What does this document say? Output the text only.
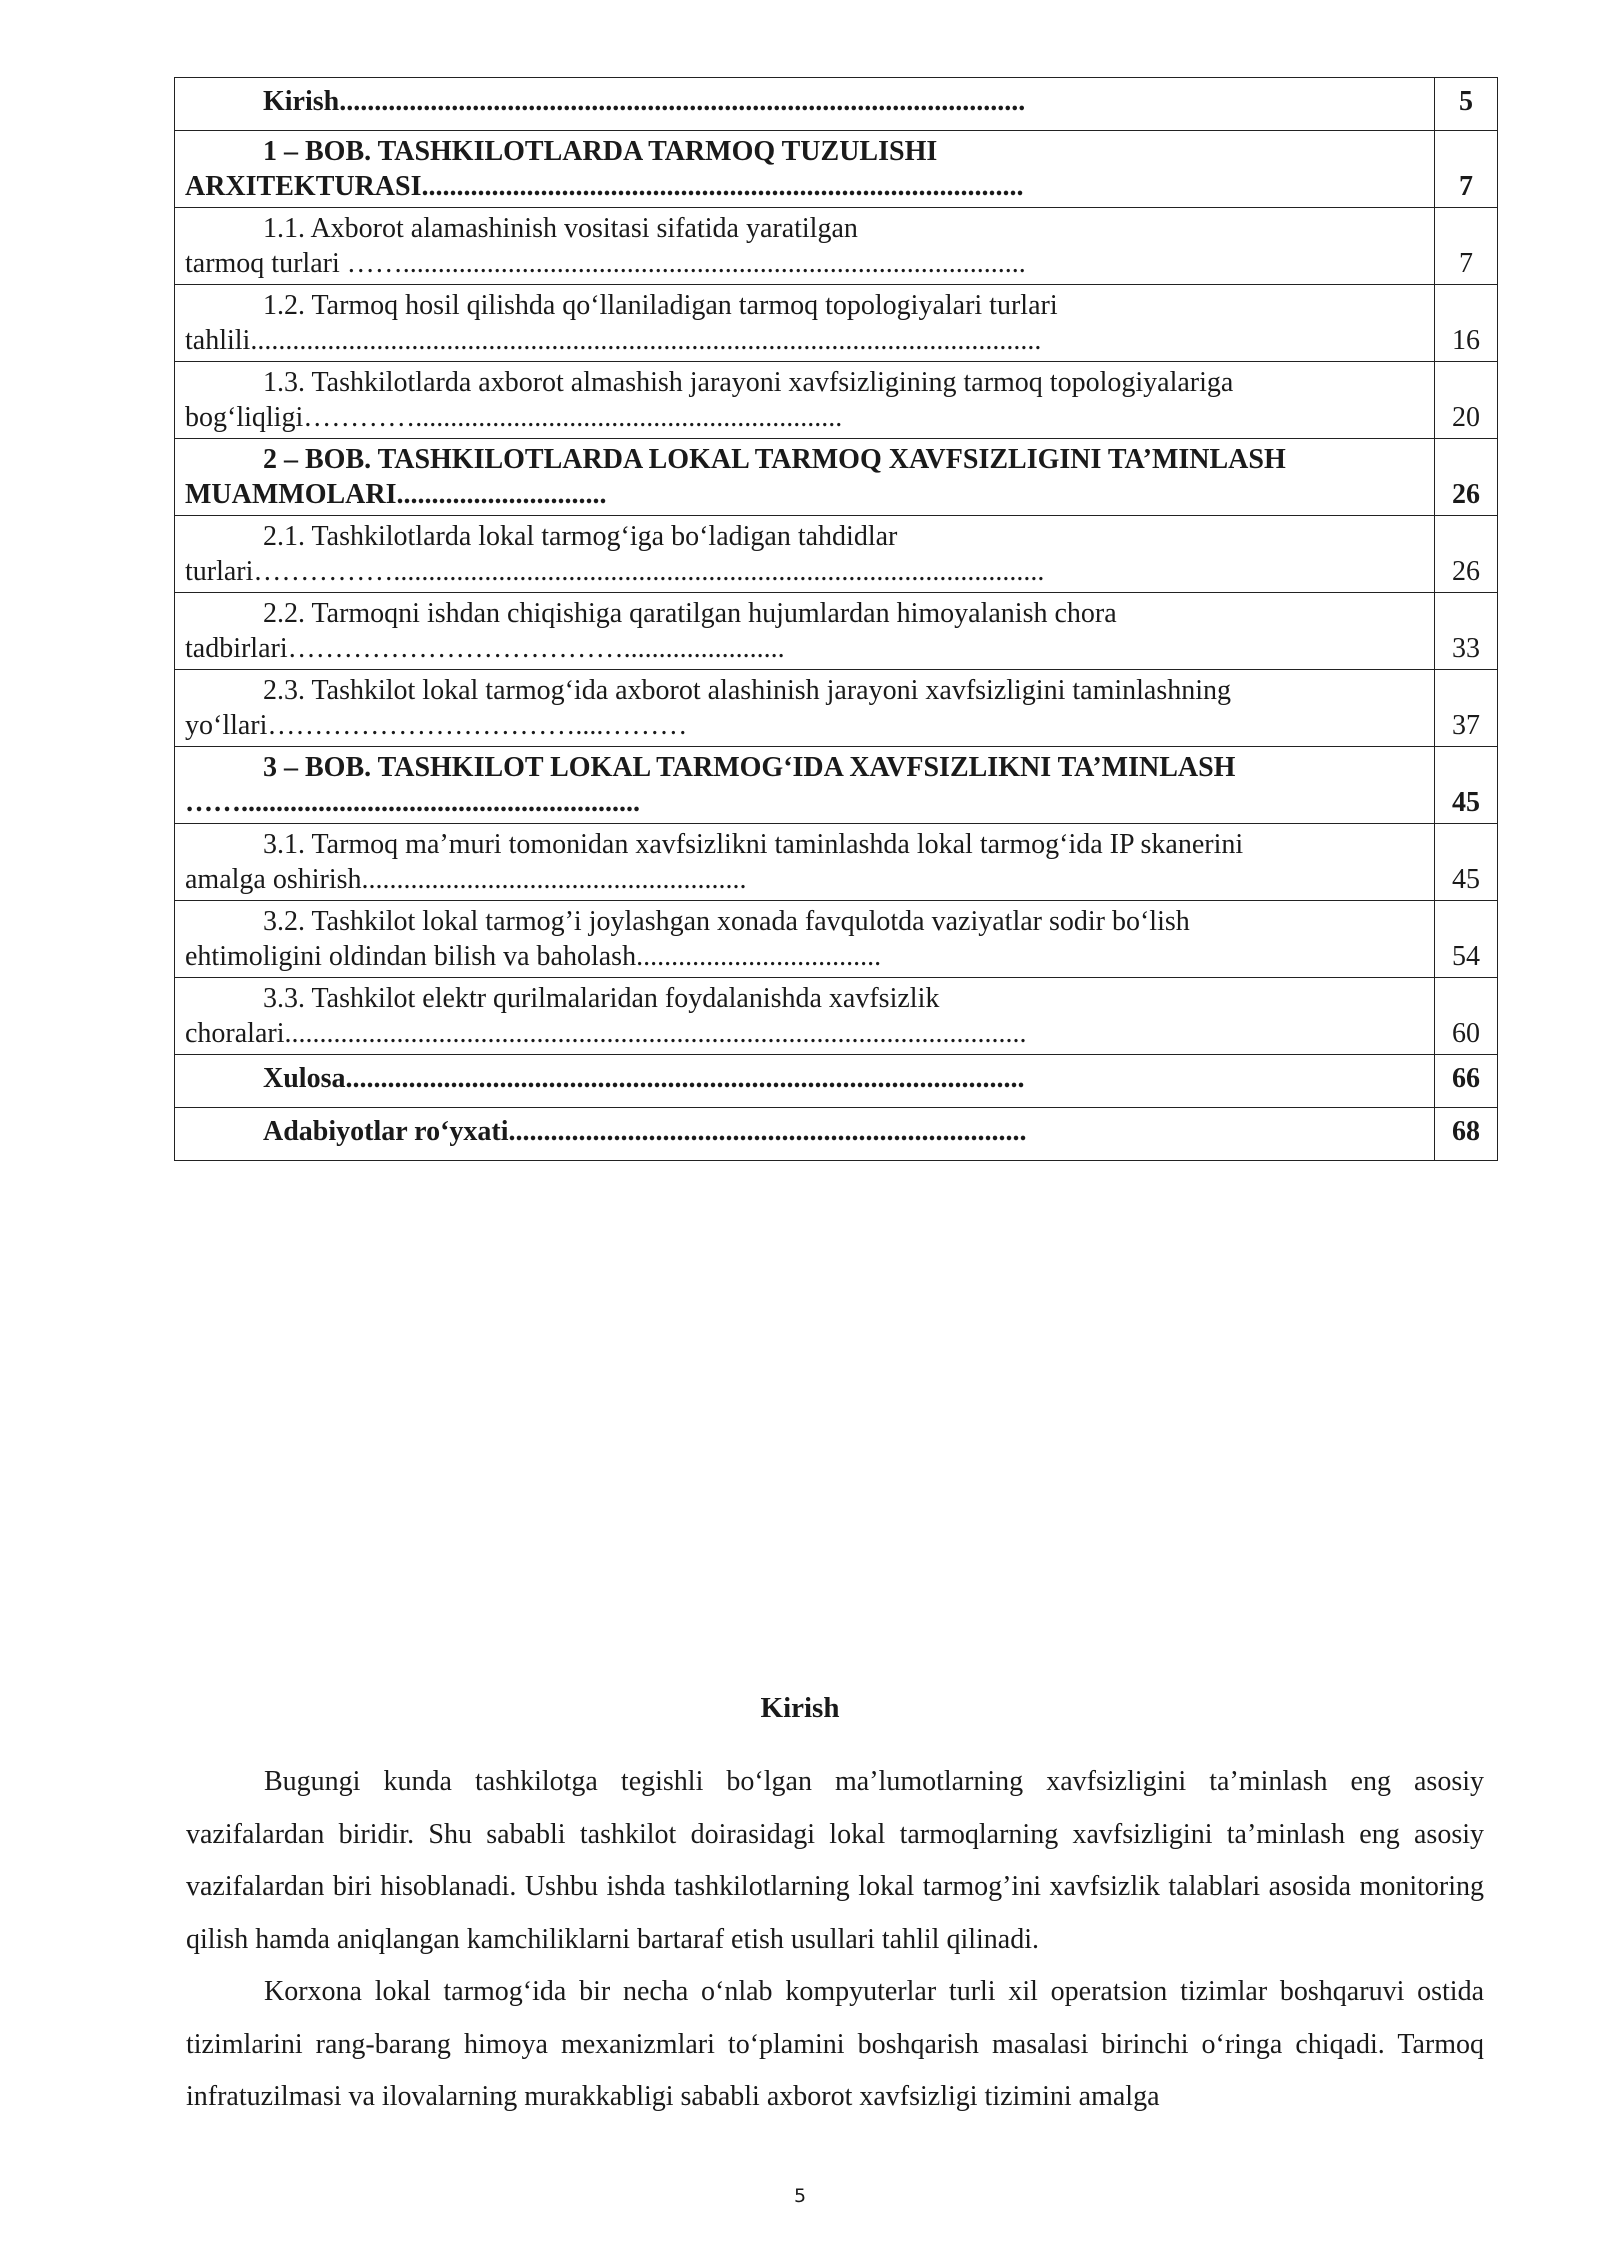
Kirish..................................................................................................	5

1 – BOB. TASHKILOTLARDA TARMOQ TUZULISHI
ARXITEKTURASI......................................................................................	7

1.1. Axborot alamashinish vositasi sifatida yaratilgan
tarmoq turlari …….........................................................................................	7

1.2. Tarmoq hosil qilishda qo‘llaniladigan tarmoq topologiyalari turlari
tahlili.................................................................................................................	16

1.3. Tashkilotlarda axborot almashish jarayoni xavfsizligining tarmoq topologiyalariga
bog‘liqligi………….............................................................	20

2 – BOB. TASHKILOTLARDA LOKAL TARMOQ XAVFSIZLIGINI TA’MINLASH
MUAMMOLARI..............................	26

2.1. Tashkilotlarda lokal tarmog‘iga bo‘ladigan tahdidlar
turlari…………….............................................................................................	26

2.2. Tarmoqni ishdan chiqishiga qaratilgan hujumlardan himoyalanish chora
tadbirlari……………………………….......................	33

2.3. Tashkilot lokal tarmog‘ida axborot alashinish jarayoni xavfsizligini taminlashning
yo‘llari……………………………....………	37

3 – BOB. TASHKILOT LOKAL TARMOG‘IDA XAVFSIZLIKNI TA’MINLASH
…….........................................................	45

3.1. Tarmoq ma’muri tomonidan xavfsizlikni taminlashda lokal tarmog‘ida IP skanerini
amalga oshirish.......................................................	45

3.2. Tashkilot lokal tarmog’i joylashgan xonada favqulotda vaziyatlar sodir bo‘lish
ehtimoligini oldindan bilish va baholash...................................	54

3.3. Tashkilot elektr qurilmalaridan foydalanishda xavfsizlik
choralari..........................................................................................................	60

Xulosa.................................................................................................	66

Adabiyotlar ro‘yxati..........................................................................	68
Kirish

Bugungi kunda tashkilotga tegishli bo‘lgan ma’lumotlarning xavfsizligini ta’minlash eng asosiy vazifalardan biridir. Shu sababli tashkilot doirasidagi lokal tarmoqlarning xavfsizligini ta’minlash eng asosiy vazifalardan biri hisoblanadi. Ushbu ishda tashkilotlarning lokal tarmog’ini xavfsizlik talablari asosida monitoring qilish hamda aniqlangan kamchiliklarni bartaraf etish usullari tahlil qilinadi.

Korxona lokal tarmog‘ida bir necha o‘nlab kompyuterlar turli xil operatsion tizimlar boshqaruvi ostida tizimlarini rang-barang himoya mexanizmlari to‘plamini boshqarish masalasi birinchi o‘ringa chiqadi. Tarmoq infratuzilmasi va ilovalarning murakkabligi sababli axborot xavfsizligi tizimini amalga

5
